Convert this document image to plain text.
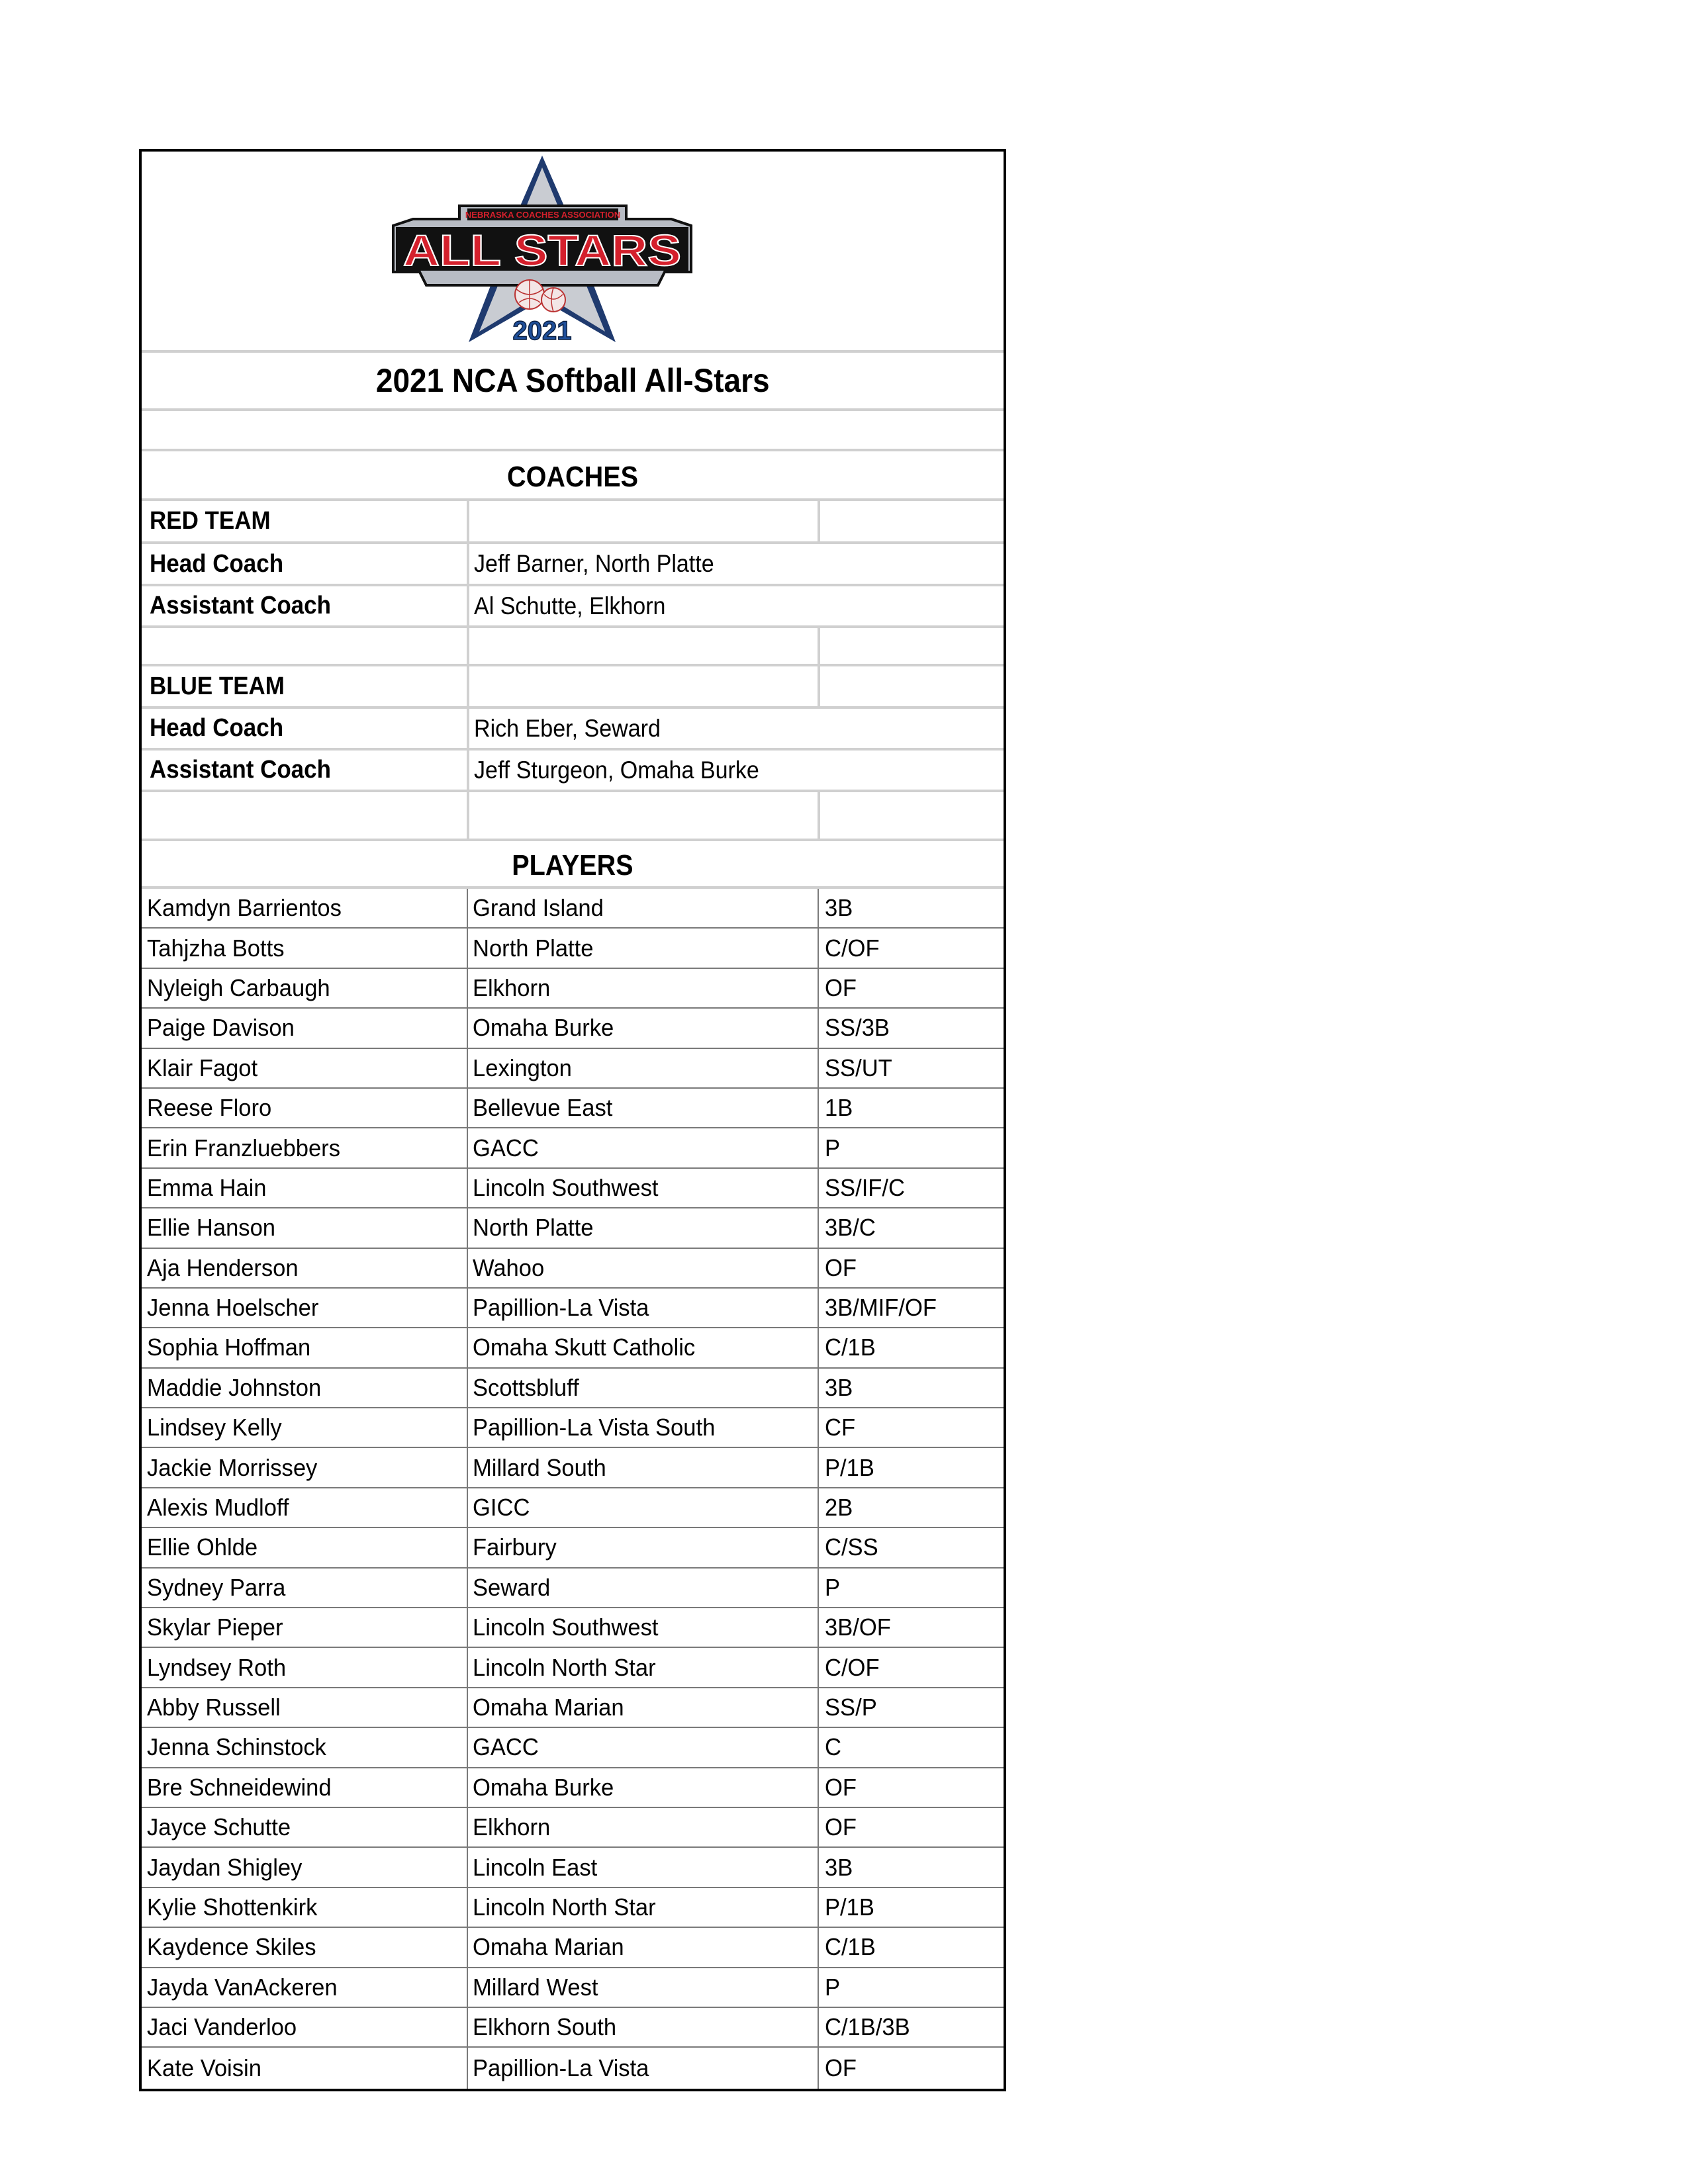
NEBRASKA COACHES ASSOCIATION
ALL STARS
2021
2021 NCA Softball All-Stars
COACHES
RED TEAM
Head Coach	Jeff Barner, North Platte
Assistant Coach	Al Schutte, Elkhorn
BLUE TEAM
Head Coach	Rich Eber, Seward
Assistant Coach	Jeff Sturgeon, Omaha Burke
PLAYERS
Kamdyn Barrientos	Grand Island	3B
Tahjzha Botts	North Platte	C/OF
Nyleigh Carbaugh	Elkhorn	OF
Paige Davison	Omaha Burke	SS/3B
Klair Fagot	Lexington	SS/UT
Reese Floro	Bellevue East	1B
Erin Franzluebbers	GACC	P
Emma Hain	Lincoln Southwest	SS/IF/C
Ellie Hanson	North Platte	3B/C
Aja Henderson	Wahoo	OF
Jenna Hoelscher	Papillion-La Vista	3B/MIF/OF
Sophia Hoffman	Omaha Skutt Catholic	C/1B
Maddie Johnston	Scottsbluff	3B
Lindsey Kelly	Papillion-La Vista South	CF
Jackie Morrissey	Millard South	P/1B
Alexis Mudloff	GICC	2B
Ellie Ohlde	Fairbury	C/SS
Sydney Parra	Seward	P
Skylar Pieper	Lincoln Southwest	3B/OF
Lyndsey Roth	Lincoln North Star	C/OF
Abby Russell	Omaha Marian	SS/P
Jenna Schinstock	GACC	C
Bre Schneidewind	Omaha Burke	OF
Jayce Schutte	Elkhorn	OF
Jaydan Shigley	Lincoln East	3B
Kylie Shottenkirk	Lincoln North Star	P/1B
Kaydence Skiles	Omaha Marian	C/1B
Jayda VanAckeren	Millard West	P
Jaci Vanderloo	Elkhorn South	C/1B/3B
Kate Voisin	Papillion-La Vista	OF
